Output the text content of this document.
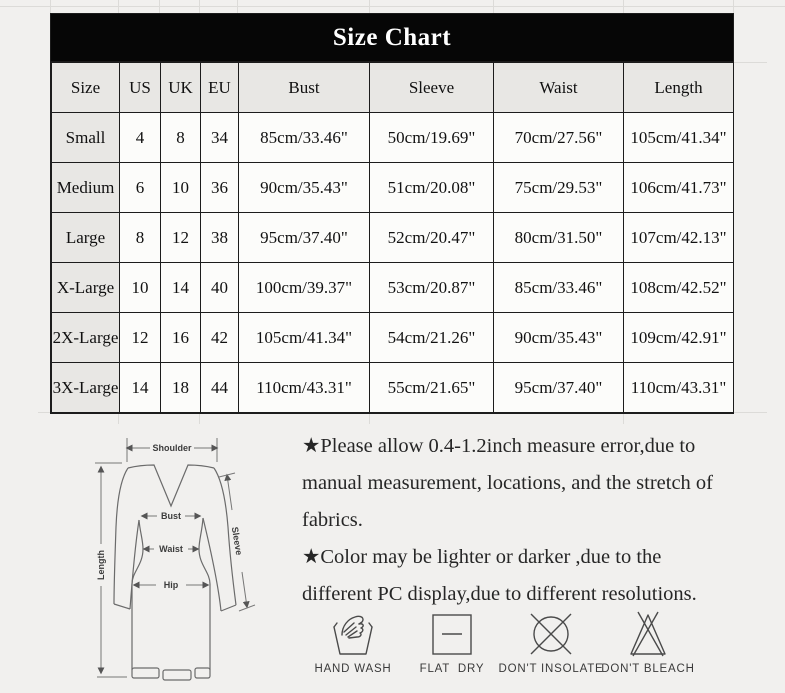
Size Chart
Size	US	UK	EU	Bust	Sleeve	Waist	Length
Small	4	8	34	85cm/33.46"	50cm/19.69"	70cm/27.56"	105cm/41.34"
Medium	6	10	36	90cm/35.43"	51cm/20.08"	75cm/29.53"	106cm/41.73"
Large	8	12	38	95cm/37.40"	52cm/20.47"	80cm/31.50"	107cm/42.13"
X-Large	10	14	40	100cm/39.37"	53cm/20.87"	85cm/33.46"	108cm/42.52"
2X-Large	12	16	42	105cm/41.34"	54cm/21.26"	90cm/35.43"	109cm/42.91"
3X-Large	14	18	44	110cm/43.31"	55cm/21.65"	95cm/37.40"	110cm/43.31"

★Please allow 0.4-1.2inch measure error,due to manual measurement, locations, and the stretch of fabrics.

★Color may be lighter or darker ,due to the different PC display,due to different resolutions.

Shoulder
Bust
Waist
Hip
Length
Sleeve
HAND WASH	FLAT  DRY	DON'T INSOLATE
DON'T BLEACH
